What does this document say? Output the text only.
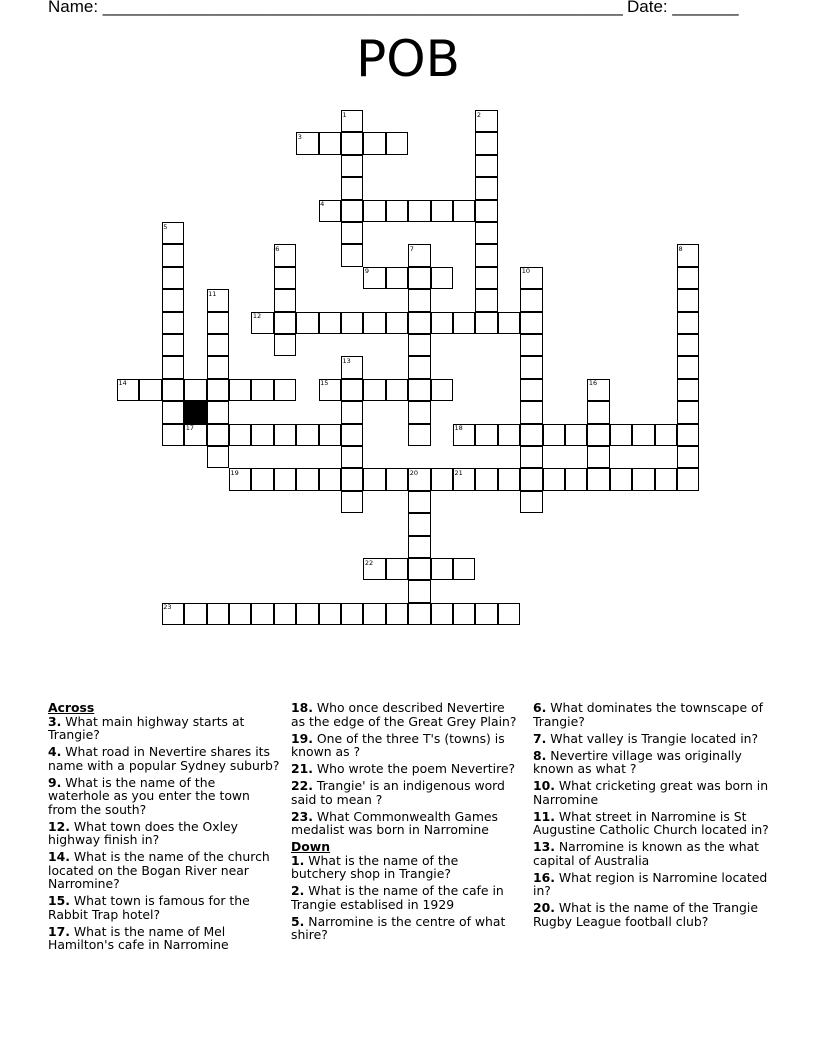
Name: _______________________________________________________ Date: _______
POB
1	2
3
4
5
6	7	8
9	10
11
12
13
14	15	16
17	18
19	20	21
22
23
Across
3. What main highway starts at Trangie?
4. What road in Nevertire shares its name with a popular Sydney suburb?
9. What is the name of the waterhole as you enter the town from the south?
12. What town does the Oxley highway finish in?
14. What is the name of the church located on the Bogan River near Narromine?
15. What town is famous for the Rabbit Trap hotel?
17. What is the name of Mel Hamilton's cafe in Narromine
18. Who once described Nevertire as the edge of the Great Grey Plain?
19. One of the three T's (towns) is known as ?
21. Who wrote the poem Nevertire?
22. Trangie' is an indigenous word said to mean ?
23. What Commonwealth Games medalist was born in Narromine
Down
1. What is the name of the butchery shop in Trangie?
2. What is the name of the cafe in Trangie establised in 1929
5. Narromine is the centre of what shire?
6. What dominates the townscape of Trangie?
7. What valley is Trangie located in?
8. Nevertire village was originally known as what ?
10. What cricketing great was born in Narromine
11. What street in Narromine is St Augustine Catholic Church located in?
13. Narromine is known as the what capital of Australia
16. What region is Narromine located in?
20. What is the name of the Trangie Rugby League football club?
